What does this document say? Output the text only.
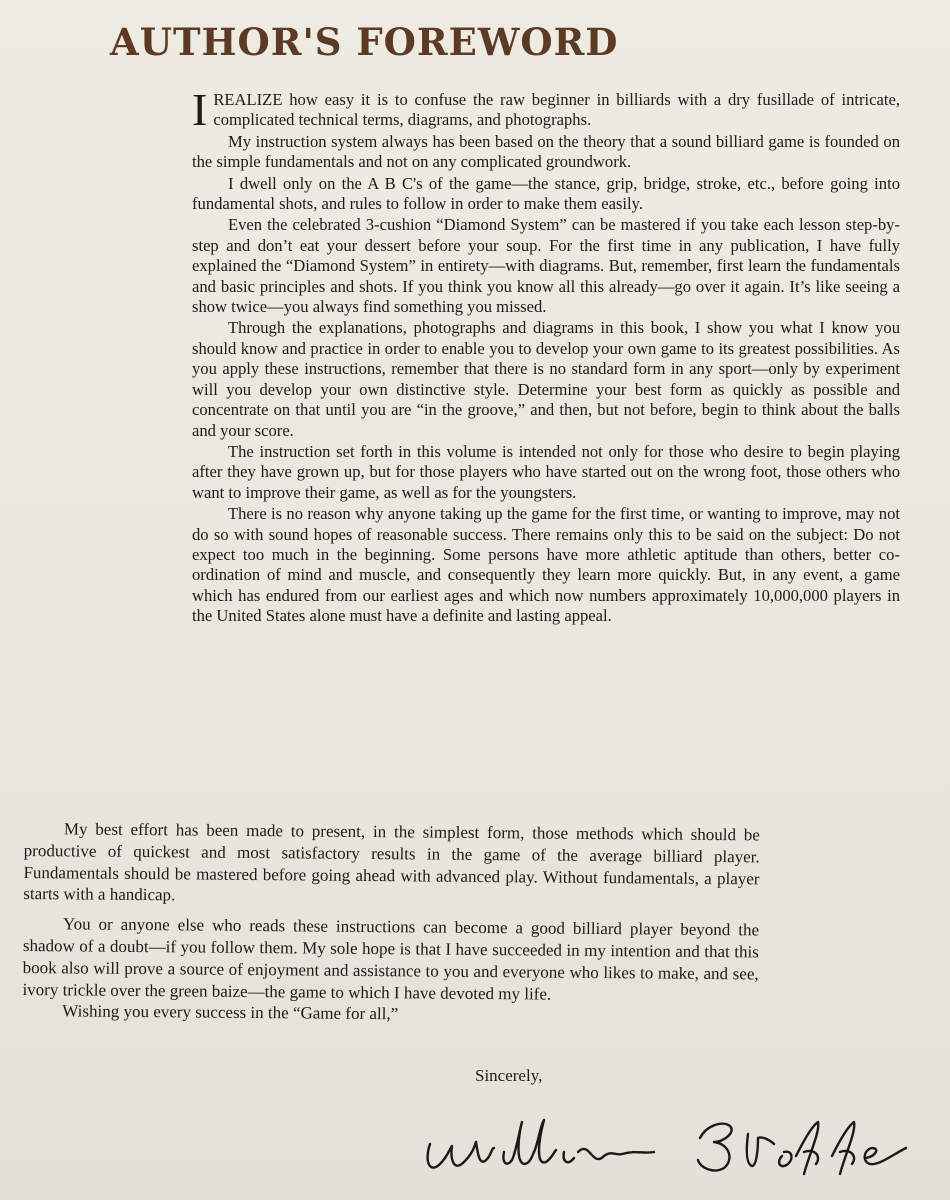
AUTHOR'S FOREWORD

IREALIZE how easy it is to confuse the raw beginner in billiards with a dry fusillade of intricate, complicated technical terms, diagrams, and photographs.

My instruction system always has been based on the theory that a sound billiard game is founded on the simple fundamentals and not on any complicated groundwork.

I dwell only on the A B C's of the game—the stance, grip, bridge, stroke, etc., before going into fundamental shots, and rules to follow in order to make them easily.

Even the celebrated 3-cushion “Diamond System” can be mastered if you take each lesson step-by-step and don’t eat your dessert before your soup. For the first time in any publication, I have fully explained the “Diamond System” in entirety—with diagrams. But, remember, first learn the fundamentals and basic principles and shots. If you think you know all this already—go over it again. It’s like seeing a show twice—you always find something you missed.

Through the explanations, photographs and diagrams in this book, I show you what I know you should know and practice in order to enable you to develop your own game to its greatest possibilities. As you apply these instructions, remember that there is no standard form in any sport—only by experiment will you develop your own distinctive style. Determine your best form as quickly as possible and concentrate on that until you are “in the groove,” and then, but not before, begin to think about the balls and your score.

The instruction set forth in this volume is intended not only for those who desire to begin playing after they have grown up, but for those players who have started out on the wrong foot, those others who want to improve their game, as well as for the youngsters.

There is no reason why anyone taking up the game for the first time, or wanting to improve, may not do so with sound hopes of reasonable success. There remains only this to be said on the subject: Do not expect too much in the beginning. Some persons have more athletic aptitude than others, better co-ordination of mind and muscle, and consequently they learn more quickly. But, in any event, a game which has endured from our earliest ages and which now numbers approximately 10,000,000 players in the United States alone must have a definite and lasting appeal.

My best effort has been made to present, in the simplest form, those methods which should be productive of quickest and most satisfactory results in the game of the average billiard player. Fundamentals should be mastered before going ahead with advanced play. Without fundamentals, a player starts with a handicap.

You or anyone else who reads these instructions can become a good billiard player beyond the shadow of a doubt—if you follow them. My sole hope is that I have succeeded in my intention and that this book also will prove a source of enjoyment and assistance to you and everyone who likes to make, and see, ivory trickle over the green baize—the game to which I have devoted my life.

Wishing you every success in the “Game for all,”

Sincerely,
